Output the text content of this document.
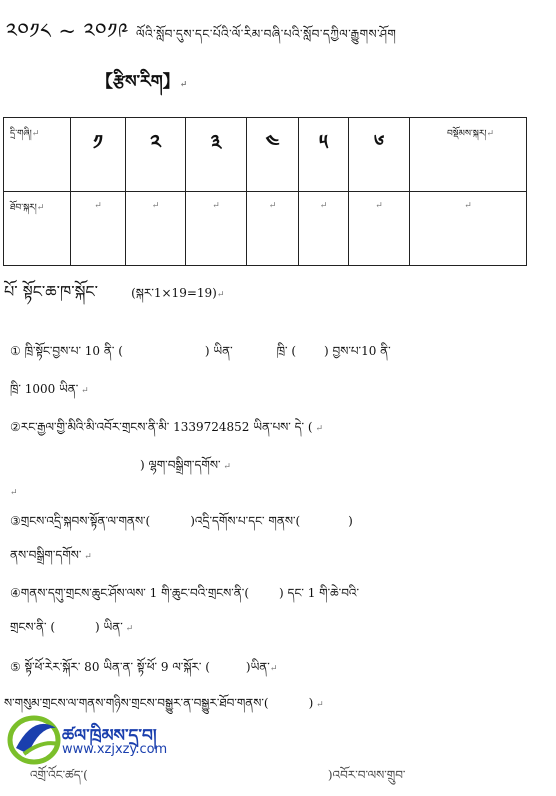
༢༠༡༨ ~ ༢༠༡༩ ལོའི་སློབ་དུས་དང་པོའི་ལོ་རིམ་བཞི་པའི་སློབ་དཀྱིལ་རྒྱུགས་ཤོག
【རྩིས་རིག】↵
དྲི་གཞི།↵	༡	༢	༣	༤	༥	༦	བསྡོམས་སྐར།↵
ཐོབ་སྐར།↵	↵	↵	↵	↵	↵	↵	↵
པོ་ སྟོང་ཆ་ཁ་སྐོང་	(སྐར་1×19=19)↵
① ཁྲི་སྟོང་བྱས་པ་ 10 ནི་ (	) ཡིན་	ཁྲི་ ( ) བྱས་པ་10 ནི་
ཁྲི་ 1000 ཡིན་ ↵
②རང་རྒྱལ་གྱི་མིའི་མི་འབོར་གྲངས་ནི་མི་ 1339724852 ཡིན་པས་ དེ་ ( ↵
) ལྷག་བསྒྲིག་དགོས་ ↵
↵
③གྲངས་འདྲི་སྐབས་སྟོན་ལ་གནས་(	)འདྲི་དགོས་པ་དང་ གནས་(	)
ནས་བསྒྲིག་དགོས་ ↵
④གནས་དགུ་གྲངས་ཆུང་ཤོས་ལས་ 1 གི་ཆུང་བའི་གྲངས་ནི་(	) དང་ 1 གི་ཆེ་བའི་
གྲངས་ནི་ (	) ཡིན་ ↵
⑤ སྟོ་ཕོ་རེར་སྐོར་ 80 ཡིན་ན་ སྟོ་ཕོ་ 9 ལ་སྐོར་ (	)ཡིན་↵
ས་གསུམ་གྲངས་ལ་གནས་གཉིས་གྲངས་བསྒྱུར་ན་བསྒྱུར་ཐོབ་གནས་(	) ↵
འགྲོ་འོང་ཚད་(	)འབོར་བ་ལས་གྲུབ་
ཚལ་ཁྲིམས་དྲ་བ།
www.xzjxzy.com
